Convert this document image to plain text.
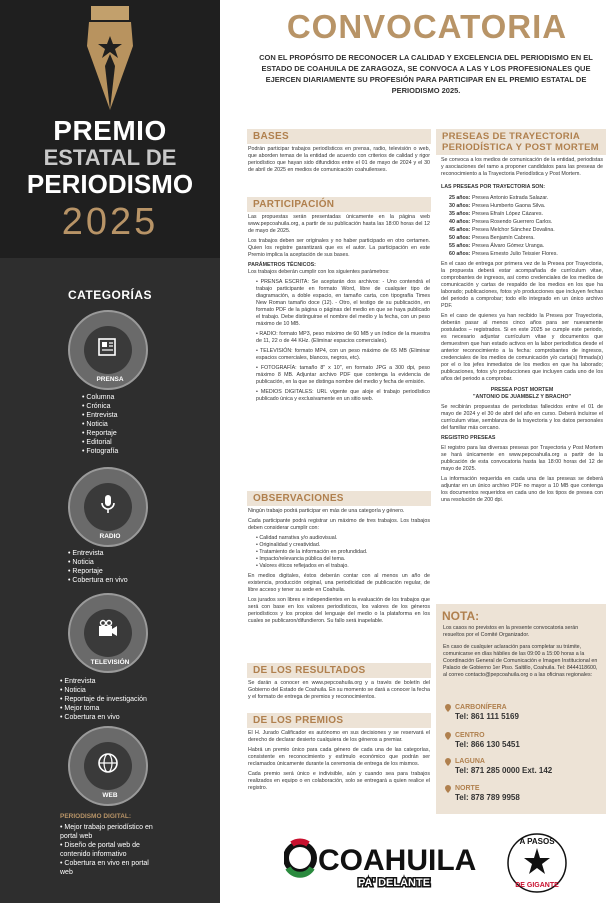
PREMIO
ESTATAL DE
PERIODISMO
2025
CATEGORÍAS
PRENSA
• Columna
• Crónica
• Entrevista
• Noticia
• Reportaje
• Editorial
• Fotografía
RADIO
• Entrevista
• Noticia
• Reportaje
• Cobertura en vivo
TELEVISIÓN
• Entrevista
• Noticia
• Reportaje de investigación
• Mejor toma
• Cobertura en vivo
WEB
PERIODISMO DIGITAL:
• Mejor trabajo periodístico en portal web
• Diseño de portal web de contenido informativo
• Cobertura en vivo en portal web
CONVOCATORIA
CON EL PROPÓSITO DE RECONOCER LA CALIDAD Y EXCELENCIA DEL PERIODISMO EN EL ESTADO DE COAHUILA DE ZARAGOZA, SE CONVOCA A LAS Y LOS PROFESIONALES QUE EJERCEN DIARIAMENTE SU PROFESIÓN PARA PARTICIPAR EN EL PREMIO ESTATAL DE PERIODISMO 2025.
BASES

Podrán participar trabajos periodísticos en prensa, radio, televisión o web, que aborden temas de la entidad de acuerdo con criterios de calidad y rigor periodístico que hayan sido difundidos entre el 01 de mayo de 2024 y el 30 de abril de 2025 en medios de comunicación coahuilenses.

PARTICIPACIÓN

Las propuestas serán presentadas únicamente en la página web www.pepcoahuila.org, a partir de su publicación hasta las 18:00 horas del 12 de mayo de 2025.

Los trabajos deben ser originales y no haber participado en otro certamen. Quien los registre garantizará que es el autor. La participación en este Premio implica la aceptación de sus bases.

PARÁMETROS TÉCNICOS:
Los trabajos deberán cumplir con los siguientes parámetros:

• PRENSA ESCRITA: Se aceptarán dos archivos: - Uno contendrá el trabajo participante en formato Word, libre de cualquier tipo de diagramación, a doble espacio, en tamaño carta, con tipografía Times New Roman tamaño doce (12). - Otro, el testigo de su publicación, en formato PDF de la página o páginas del medio en que se haya publicado el trabajo. Debe distinguirse el nombre del medio y la fecha, con un peso máximo de 10 MB.

• RADIO: formato MP3, peso máximo de 60 MB y un índice de la muestra de 11, 22 o de 44 KHz. (Eliminar espacios comerciales).

• TELEVISIÓN: formato MP4, con un peso máximo de 65 MB (Eliminar espacios comerciales, blancos, negros, etc).

• FOTOGRAFÍA: tamaño 8" x 10", en formato JPG a 300 dpi, peso máximo 8 MB. Adjuntar archivo PDF que contenga la evidencia de publicación, en la que se distinga nombre del medio y fecha de emisión.

• MEDIOS DIGITALES: URL vigente que aloje el trabajo periodístico publicado única y exclusivamente en un sitio web.

OBSERVACIONES

Ningún trabajo podrá participar en más de una categoría y género.

Cada participante podrá registrar un máximo de tres trabajos. Los trabajos deben considerar cumplir con:

• Calidad narrativa y/o audiovisual.
• Originalidad y creatividad.
• Tratamiento de la información en profundidad.
• Impacto/relevancia pública del tema.
• Valores éticos reflejados en el trabajo.

En medios digitales, éstos deberán contar con al menos un año de existencia, producción original, una periodicidad de publicación regular, de libre acceso y tener su sede en Coahuila.

Los jurados son libres e independientes en la evaluación de los trabajos que será con base en los valores periodísticos, los valores de los géneros periodísticos y los propios del lenguaje del medio o la plataforma en los cuales se publicaron/difundieron. Su fallo será inapelable.

DE LOS RESULTADOS

Se darán a conocer en www.pepcoahuila.org y a través de boletín del Gobierno del Estado de Coahuila. En su momento se dará a conocer la fecha y el formato de entrega de premios y reconocimientos.

DE LOS PREMIOS

El H. Jurado Calificador es autónomo en sus decisiones y se reservará el derecho de declarar desierto cualquiera de los géneros a premiar.

Habrá un premio único para cada género de cada una de las categorías, consistente en reconocimiento y estímulo económico que podrán ser reclamados únicamente durante la ceremonia de entrega de los mismos.

Cada premio será único e indivisible, aún y cuando sea para trabajos realizados en equipo o en colaboración, solo se entregará a quien realice el registro.

PRESEAS DE TRAYECTORIA
PERIODÍSTICA Y POST MORTEM

Se convoca a los medios de comunicación de la entidad, periodistas y asociaciones del ramo a proponer candidatos para las preseas de reconocimiento a la Trayectoria Periodística y Post Mortem.

LAS PRESEAS POR TRAYECTORIA SON:

25 años: Presea Antonio Estrada Salazar.
30 años: Presea Humberto Gaona Silva.
35 años: Presea Efraín López Cázares.
40 años: Presea Rosendo Guerrero Carlos.
45 años: Presea Melchor Sánchez Dovalina.
50 años: Presea Benjamín Cabrera.
55 años: Presea Álvaro Gómez Uranga.
60 años: Presea Ernesto Julio Teissier Flores.

En el caso de entrega por primera vez de la Presea por Trayectoria, la propuesta deberá estar acompañada de currículum vitae, comprobantes de ingresos, así como credenciales de los medios de comunicación y cartas de respaldo de los medios en los que ha laborado; publicaciones, fotos y/o producciones que incluyen fechas del periodo a comprobar; todo ello integrado en un único archivo PDF.

En el caso de quienes ya han recibido la Presea por Trayectoria, deberán pasar al menos cinco años para ser nuevamente postulados – registrados. Si en este 2025 se cumple este periodo, es necesario adjuntar currículum vitae y documentos que demuestren que han estado activos en la labor periodística desde el anterior reconocimiento a la fecha: comprobantes de ingresos, credenciales de los medios de comunicación y/o carta(s) firmada(s) por el o los jefes inmediatos de los medios en que ha laborado; publicaciones, fotos y/o producciones que incluyen cada uno de los años del periodo a comprobar.

PRESEA POST MORTEM
"ANTONIO DE JUAMBELZ Y BRACHO"

Se recibirán propuestas de periodistas fallecidos entre el 01 de mayo de 2024 y el 30 de abril del año en curso. Deberá incluirse el currículum vitae, semblanza de la trayectoria y los datos personales del familiar más cercano.

REGISTRO PRESEAS

El registro para las diversas preseas por Trayectoria y Post Mortem se hará únicamente en www.pepcoahuila.org a partir de la publicación de esta convocatoria hasta las 18:00 horas del 12 de mayo de 2025.

La información requerida en cada una de las preseas se deberá adjuntar en un único archivo PDF no mayor a 10 MB que contenga los documentos requeridos en cada uno de los tipos de presea con una resolución de 200 dpi.

NOTA:

Los casos no previstos en la presente convocatoria serán resueltos por el Comité Organizador.

En caso de cualquier aclaración para completar su trámite, comunicarse en días hábiles de las 09:00 a 15:00 horas a la Coordinación General de Comunicación e Imagen Institucional en Palacio de Gobierno 1er Piso. Saltillo, Coahuila. Tel: 8444118600, al correo contacto@pepcoahuila.org o a las oficinas regionales:

CARBONÍFERA
Tel: 861 111 5169
CENTRO
Tel: 866 130 5451
LAGUNA
Tel: 871 285 0000 Ext. 142
NORTE
Tel: 878 789 9958
COAHUILA
PA' DELANTE
A PASOS
DE GIGANTE
